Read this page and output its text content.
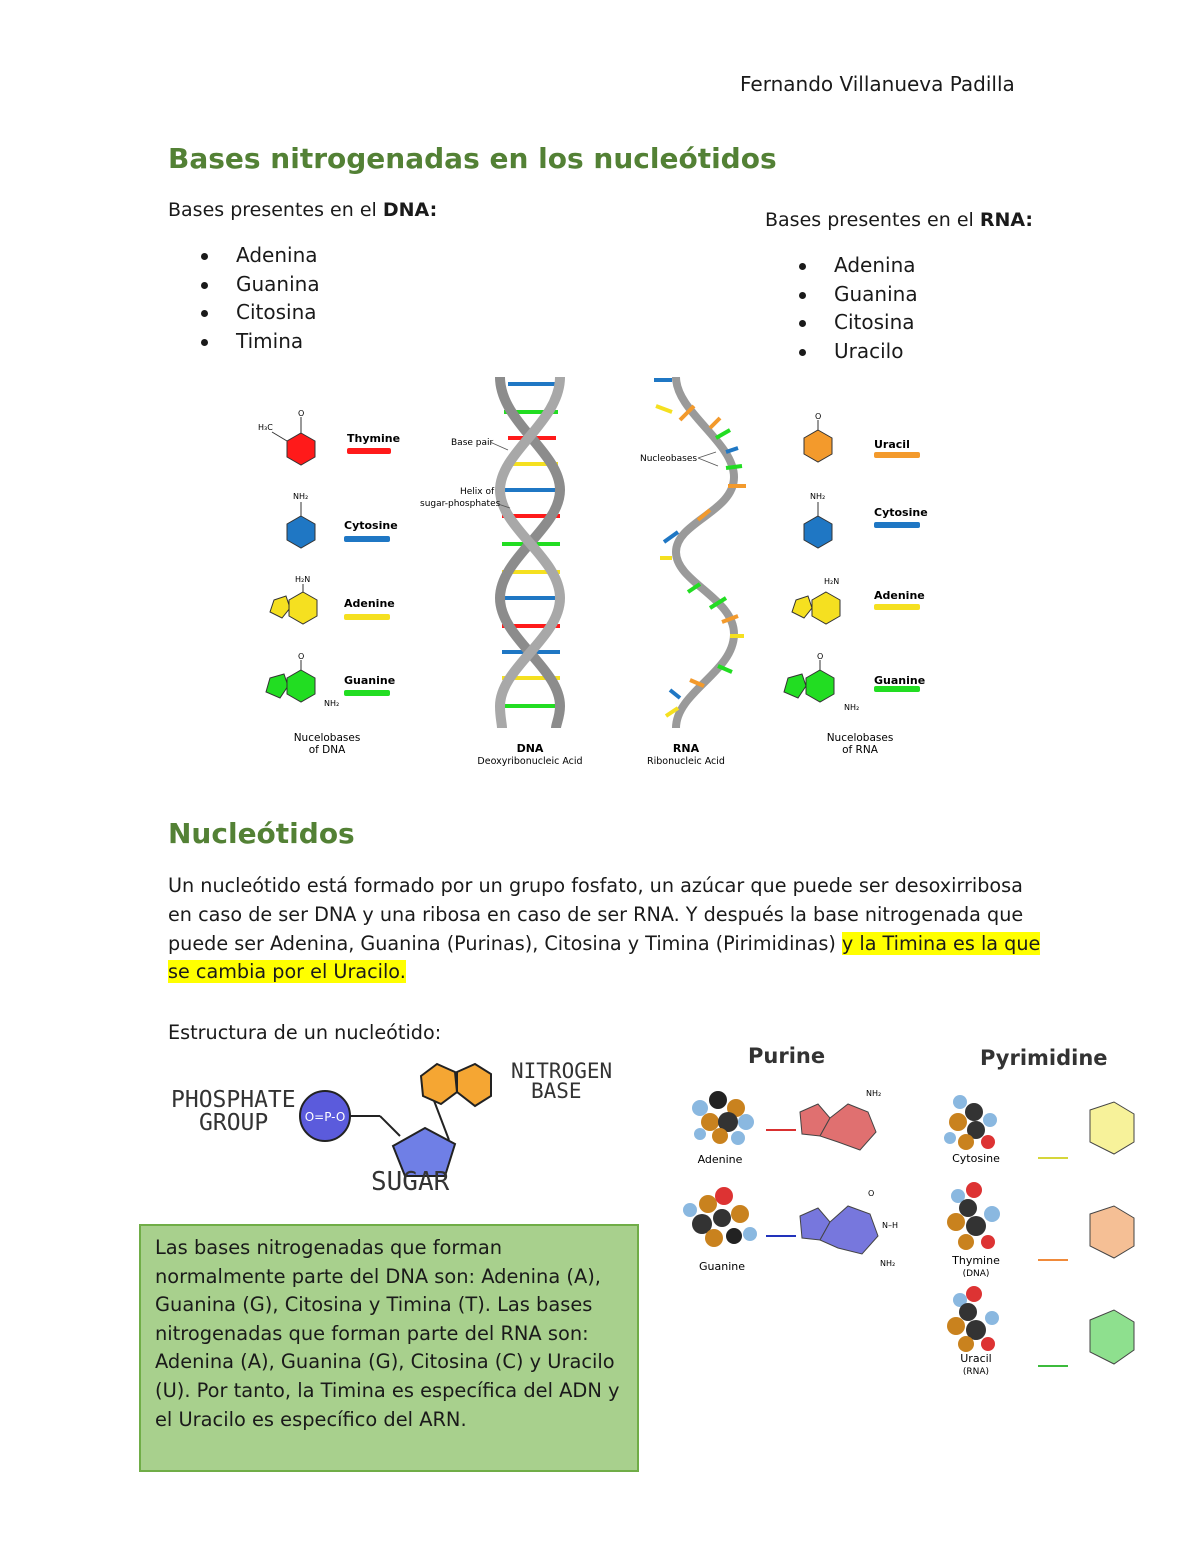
Fernando Villanueva Padilla
Bases nitrogenadas en los nucleótidos
Bases presentes en el DNA:
Adenina
Guanina
Citosina
Timina
Bases presentes en el RNA:
Adenina
Guanina
Citosina
Uracilo
O
H₃C
Thymine
NH₂
Cytosine
H₂N
Adenine
O
NH₂
Guanine
Nucelobases
of DNA
Base pair
Helix of
sugar-phosphates
DNA
Deoxyribonucleic Acid
Nucleobases
RNA
Ribonucleic Acid
O
Uracil
NH₂
Cytosine
H₂N
Adenine
O
NH₂
Guanine
Nucelobases
of RNA
Nucleótidos
Un nucleótido está formado por un grupo fosfato, un azúcar que puede ser desoxirribosa en caso de ser DNA y una ribosa en caso de ser RNA. Y después la base nitrogenada que puede ser Adenina, Guanina (Purinas), Citosina y Timina (Pirimidinas) y la Timina es la que se cambia por el Uracilo.
Estructura de un nucleótido:
PHOSPHATE
GROUP	O=P-O
NITROGEN
BASE
SUGAR
Purine	Pyrimidine
Adenine
NH₂
Guanine
O
N–H
NH₂
Cytosine
Thymine
(DNA)
Uracil
(RNA)
Las bases nitrogenadas que forman normalmente parte del DNA son: Adenina (A), Guanina (G), Citosina y Timina (T). Las bases nitrogenadas que forman parte del RNA son: Adenina (A), Guanina (G), Citosina (C) y Uracilo (U). Por tanto, la Timina es específica del ADN y el Uracilo es específico del ARN.
